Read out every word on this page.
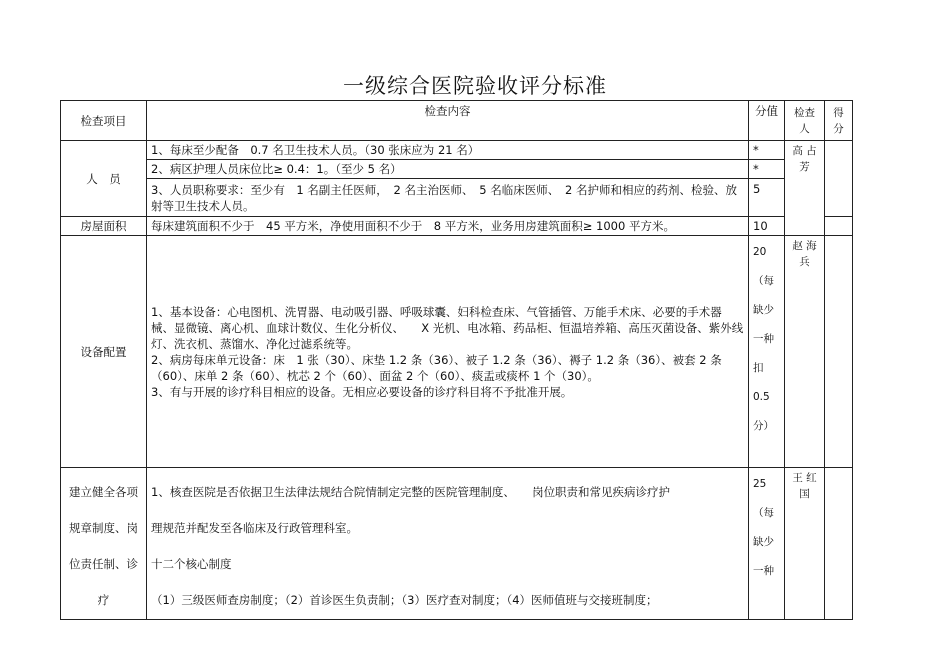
一级综合医院验收评分标准
检查项目	检查内容	分值	检查人	得分
人　员	1、每床至少配备　0.7 名卫生技术人员。（30 张床应为 21 名）	*	高 占 芳	
	2、病区护理人员床位比≥ 0.4：1。（至少 5 名）	*		
	3、人员职称要求：至少有　1 名副主任医师，　2 名主治医师、　5 名临床医师、　2 名护师和相应的药剂、检验、放射等卫生技术人员。	5		
房屋面积	每床建筑面积不少于　45 平方米，净使用面积不少于　8 平方米，业务用房建筑面积≥ 1000 平方米。	10		
设备配置	1、基本设备：心电图机、洗胃器、电动吸引器、呼吸球囊、妇科检查床、气管插管、万能手术床、必要的手术器械、显微镜、离心机、血球计数仪、生化分析仪、　　X 光机、电冰箱、药品柜、恒温培养箱、高压灭菌设备、紫外线灯、洗衣机、蒸馏水、净化过滤系统等。
2、病房每床单元设备：床　1 张（30）、床垫 1.2 条（36）、被子 1.2 条（36）、褥子 1.2 条（36）、被套 2 条（60）、床单 2 条（60）、枕芯 2 个（60）、面盆 2 个（60）、痰盂或痰杯 1 个（30）。
3、有与开展的诊疗科目相应的设备。无相应必要设备的诊疗科目将不予批准开展。	20 （每缺少一种扣 0.5 分）	赵 海 兵	
建立健全各项规章制度、岗位责任制、诊疗	1、核查医院是否依据卫生法律法规结合院情制定完整的医院管理制度、　　岗位职责和常见疾病诊疗护
理规范并配发至各临床及行政管理科室。
十二个核心制度
（1）三级医师查房制度；（2）首诊医生负责制；（3）医疗查对制度；（4）医师值班与交接班制度；	25 （每缺少一种	王 红 国	
